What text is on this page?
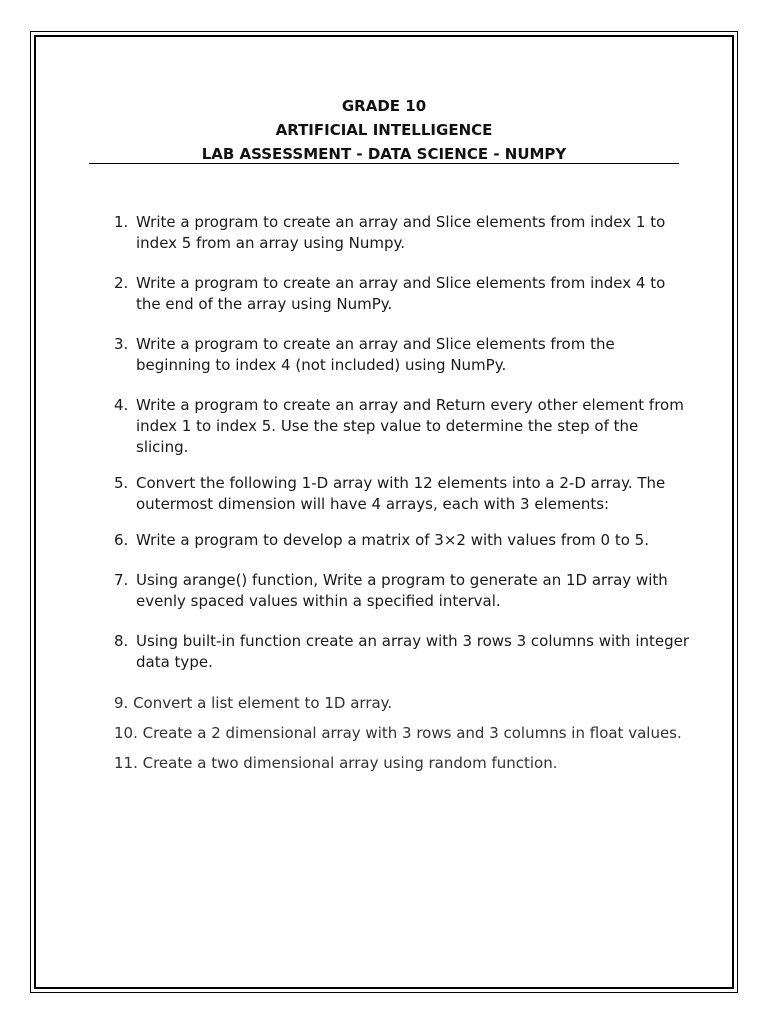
GRADE 10
ARTIFICIAL INTELLIGENCE
LAB ASSESSMENT - DATA SCIENCE - NUMPY
1. Write a program to create an array and Slice elements from index 1 to index 5 from an array using Numpy.
2. Write a program to create an array and Slice elements from index 4 to the end of the array using NumPy.
3. Write a program to create an array and Slice elements from the beginning to index 4 (not included) using NumPy.
4. Write a program to create an array and Return every other element from index 1 to index 5. Use the step value to determine the step of the slicing.
5. Convert the following 1-D array with 12 elements into a 2-D array. The outermost dimension will have 4 arrays, each with 3 elements:
6. Write a program to develop a matrix of 3×2 with values from 0 to 5.
7. Using arange() function, Write a program to generate an 1D array with evenly spaced values within a specified interval.
8. Using built-in function create an array with 3 rows 3 columns with integer data type.
9. Convert a list element to 1D array.
10. Create a 2 dimensional array with 3 rows and 3 columns in float values.
11. Create a two dimensional array using random function.
